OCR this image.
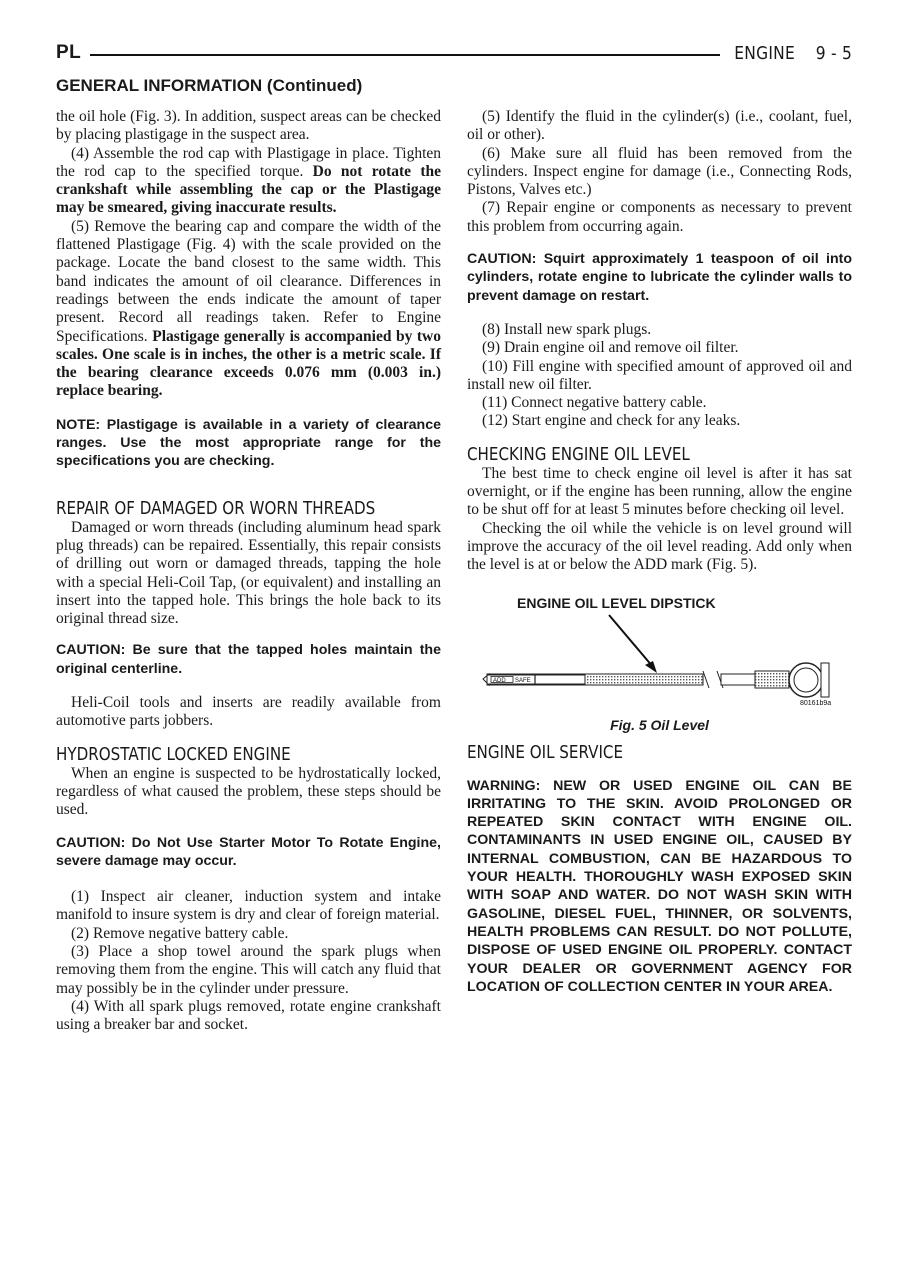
PL	ENGINE    9 - 5
GENERAL INFORMATION (Continued)

the oil hole (Fig. 3). In addition, suspect areas can be checked by placing plastigage in the suspect area.

(4) Assemble the rod cap with Plastigage in place. Tighten the rod cap to the specified torque. Do not rotate the crankshaft while assembling the cap or the Plastigage may be smeared, giving inaccurate results.

(5) Remove the bearing cap and compare the width of the flattened Plastigage (Fig. 4) with the scale provided on the package. Locate the band closest to the same width. This band indicates the amount of oil clearance. Differences in readings between the ends indicate the amount of taper present. Record all readings taken. Refer to Engine Specifications. Plastigage generally is accompanied by two scales. One scale is in inches, the other is a metric scale. If the bearing clearance exceeds 0.076 mm (0.003 in.) replace bearing.

NOTE: Plastigage is available in a variety of clearance ranges. Use the most appropriate range for the specifications you are checking.
REPAIR OF DAMAGED OR WORN THREADS

Damaged or worn threads (including aluminum head spark plug threads) can be repaired. Essentially, this repair consists of drilling out worn or damaged threads, tapping the hole with a special Heli-Coil Tap, (or equivalent) and installing an insert into the tapped hole. This brings the hole back to its original thread size.

CAUTION: Be sure that the tapped holes maintain the original centerline.

Heli-Coil tools and inserts are readily available from automotive parts jobbers.

HYDROSTATIC LOCKED ENGINE

When an engine is suspected to be hydrostatically locked, regardless of what caused the problem, these steps should be used.

CAUTION: Do Not Use Starter Motor To Rotate Engine, severe damage may occur.

(1) Inspect air cleaner, induction system and intake manifold to insure system is dry and clear of foreign material.

(2) Remove negative battery cable.

(3) Place a shop towel around the spark plugs when removing them from the engine. This will catch any fluid that may possibly be in the cylinder under pressure.

(4) With all spark plugs removed, rotate engine crankshaft using a breaker bar and socket.

(5) Identify the fluid in the cylinder(s) (i.e., coolant, fuel, oil or other).

(6) Make sure all fluid has been removed from the cylinders. Inspect engine for damage (i.e., Connecting Rods, Pistons, Valves etc.)

(7) Repair engine or components as necessary to prevent this problem from occurring again.

CAUTION: Squirt approximately 1 teaspoon of oil into cylinders, rotate engine to lubricate the cylinder walls to prevent damage on restart.

(8) Install new spark plugs.

(9) Drain engine oil and remove oil filter.

(10) Fill engine with specified amount of approved oil and install new oil filter.

(11) Connect negative battery cable.

(12) Start engine and check for any leaks.

CHECKING ENGINE OIL LEVEL

The best time to check engine oil level is after it has sat overnight, or if the engine has been running, allow the engine to be shut off for at least 5 minutes before checking oil level.

Checking the oil while the vehicle is on level ground will improve the accuracy of the oil level reading. Add only when the level is at or below the ADD mark (Fig. 5).

ENGINE OIL LEVEL DIPSTICK
ADD SAFE
80161b9a
Fig. 5 Oil Level
ENGINE OIL SERVICE
WARNING: NEW OR USED ENGINE OIL CAN BE IRRITATING TO THE SKIN. AVOID PROLONGED OR REPEATED SKIN CONTACT WITH ENGINE OIL. CONTAMINANTS IN USED ENGINE OIL, CAUSED BY INTERNAL COMBUSTION, CAN BE HAZARDOUS TO YOUR HEALTH. THOROUGHLY WASH EXPOSED SKIN WITH SOAP AND WATER. DO NOT WASH SKIN WITH GASOLINE, DIESEL FUEL, THINNER, OR SOLVENTS, HEALTH PROBLEMS CAN RESULT. DO NOT POLLUTE, DISPOSE OF USED ENGINE OIL PROPERLY. CONTACT YOUR DEALER OR GOVERNMENT AGENCY FOR LOCATION OF COLLECTION CENTER IN YOUR AREA.
